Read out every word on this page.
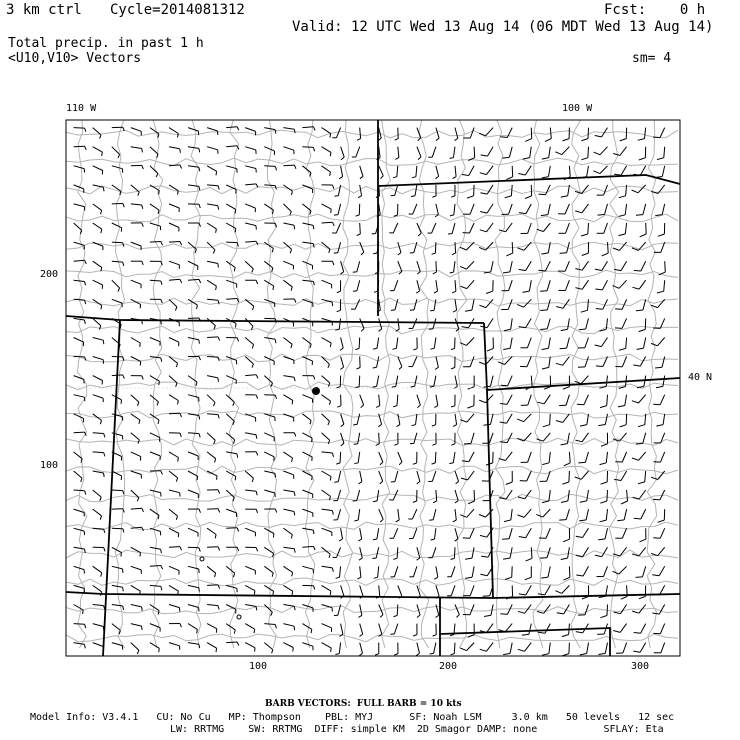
3 km ctrl Cycle=2014081312	Fcst:    0 h
Valid: 12 UTC Wed 13 Aug 14 (06 MDT Wed 13 Aug 14)
Total precip. in past 1 h
<U10,V10> Vectors	sm= 4
110 W	100 W
40 N
200
100
100	200	300
BARB VECTORS:  FULL BARB = 10 kts
Model Info: V3.4.1   CU: No Cu   MP: Thompson    PBL: MYJ      SF: Noah LSM     3.0 km   50 levels   12 sec
LW: RRTMG    SW: RRTMG  DIFF: simple KM  2D Smagor DAMP: none           SFLAY: Eta
